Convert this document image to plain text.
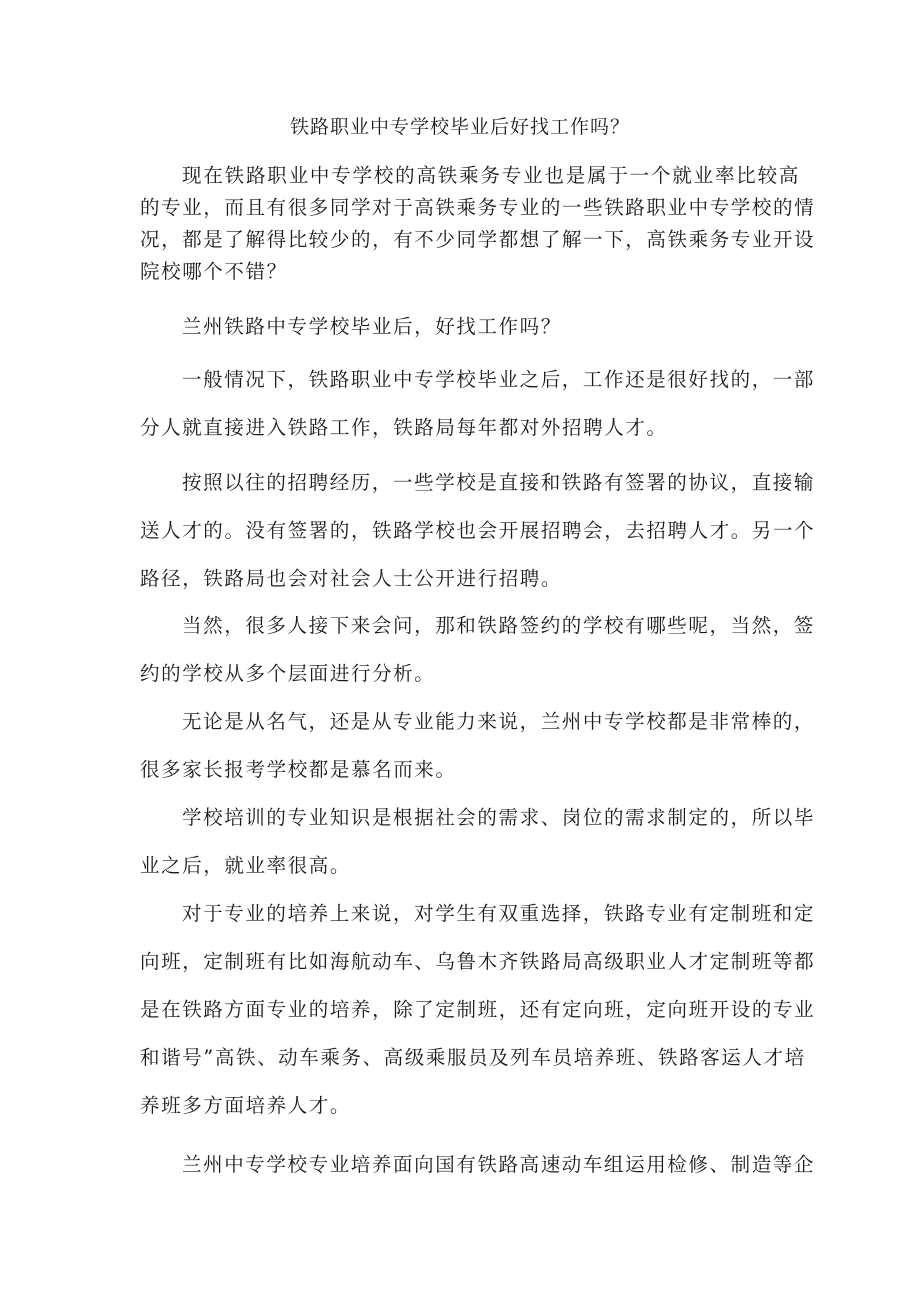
铁路职业中专学校毕业后好找工作吗？
现在铁路职业中专学校的高铁乘务专业也是属于一个就业率比较高
的专业，而且有很多同学对于高铁乘务专业的一些铁路职业中专学校的情
况，都是了解得比较少的，有不少同学都想了解一下，高铁乘务专业开设
院校哪个不错？
兰州铁路中专学校毕业后，好找工作吗？
一般情况下，铁路职业中专学校毕业之后，工作还是很好找的，一部
分人就直接进入铁路工作，铁路局每年都对外招聘人才。
按照以往的招聘经历，一些学校是直接和铁路有签署的协议，直接输
送人才的。没有签署的，铁路学校也会开展招聘会，去招聘人才。另一个
路径，铁路局也会对社会人士公开进行招聘。
当然，很多人接下来会问，那和铁路签约的学校有哪些呢，当然，签
约的学校从多个层面进行分析。
无论是从名气，还是从专业能力来说，兰州中专学校都是非常棒的，
很多家长报考学校都是慕名而来。
学校培训的专业知识是根据社会的需求、岗位的需求制定的，所以毕
业之后，就业率很高。
对于专业的培养上来说，对学生有双重选择，铁路专业有定制班和定
向班，定制班有比如海航动车、乌鲁木齐铁路局高级职业人才定制班等都
是在铁路方面专业的培养，除了定制班，还有定向班，定向班开设的专业
和谐号”高铁、动车乘务、高级乘服员及列车员培养班、铁路客运人才培
养班多方面培养人才。
兰州中专学校专业培养面向国有铁路高速动车组运用检修、制造等企
